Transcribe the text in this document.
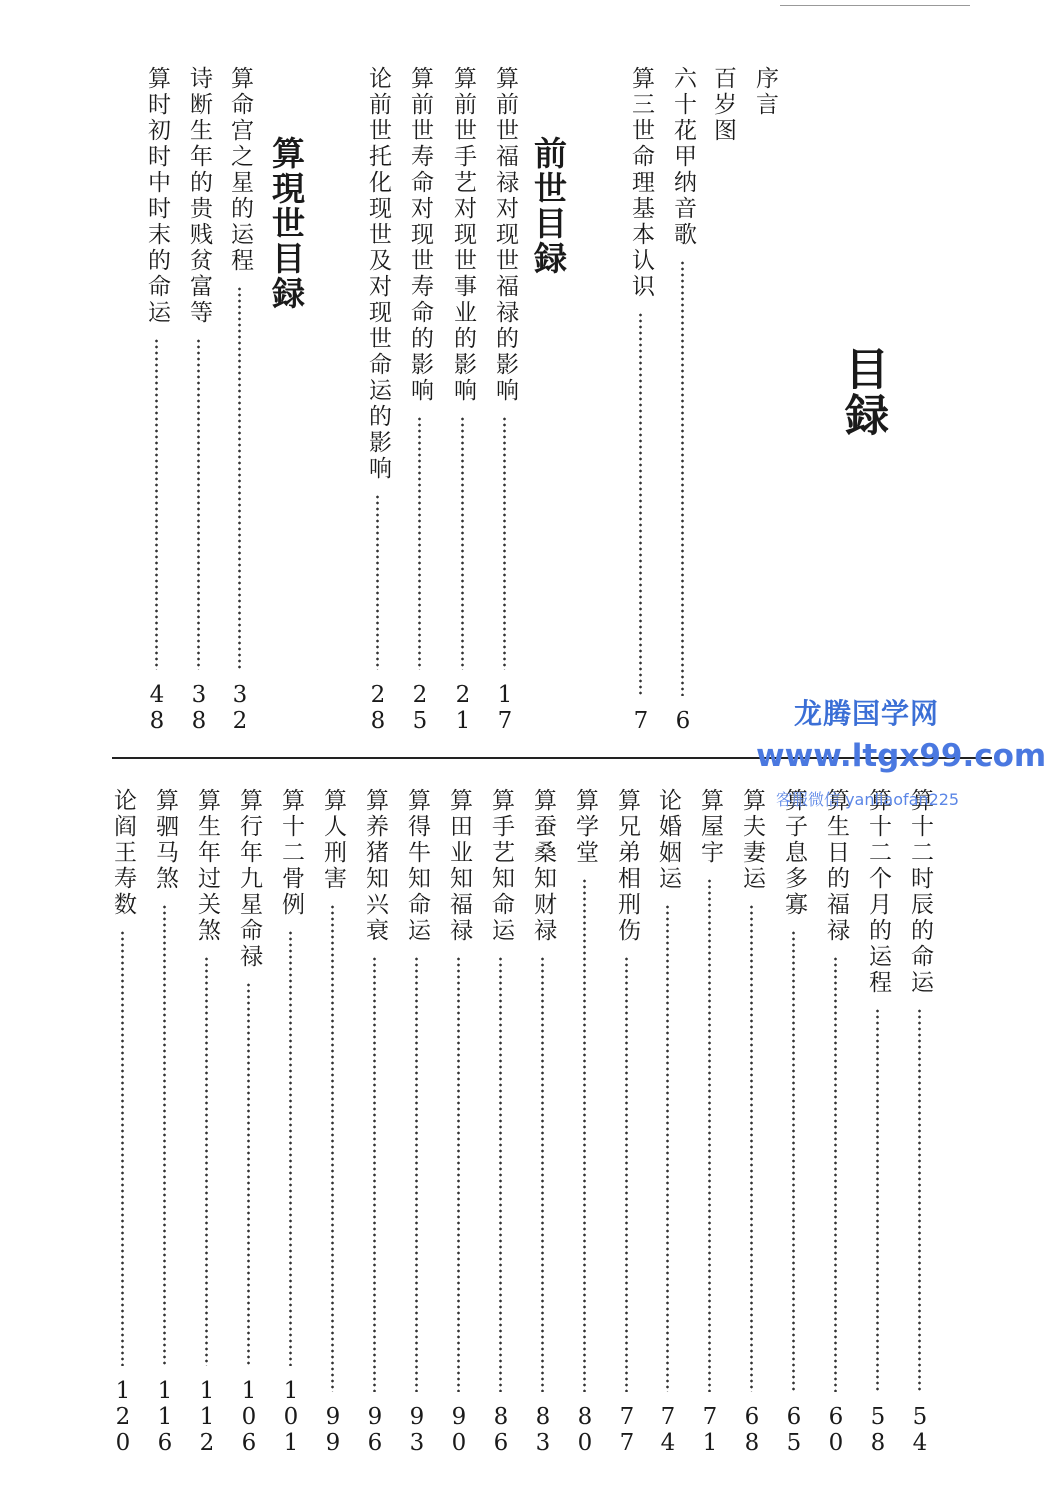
目録
序言
前世目録
算現世目録
百岁图
六十花甲纳音歌
6
算三世命理基本认识
7
算前世福禄对现世福禄的影响
17
算前世手艺对现世事业的影响
21
算前世寿命对现世寿命的影响
25
论前世托化现世及对现世命运的影响
28
算命宫之星的运程
32
诗断生年的贵贱贫富等
38
算时初时中时末的命运
48
算十二时辰的命运
54
算十二个月的运程
58
算生日的福禄
60
算子息多寡
65
算夫妻运
68
算屋宇
71
论婚姻运
74
算兄弟相刑伤
77
算学堂
80
算蚕桑知财禄
83
算手艺知命运
86
算田业知福禄
90
算得牛知命运
93
算养猪知兴衰
96
算人刑害
99
算十二骨例
101
算行年九星命禄
106
算生年过关煞
112
算驷马煞
116
论阎王寿数
120
龙腾国学网
www.ltgx99.com
客服微信 yanliaofan225
